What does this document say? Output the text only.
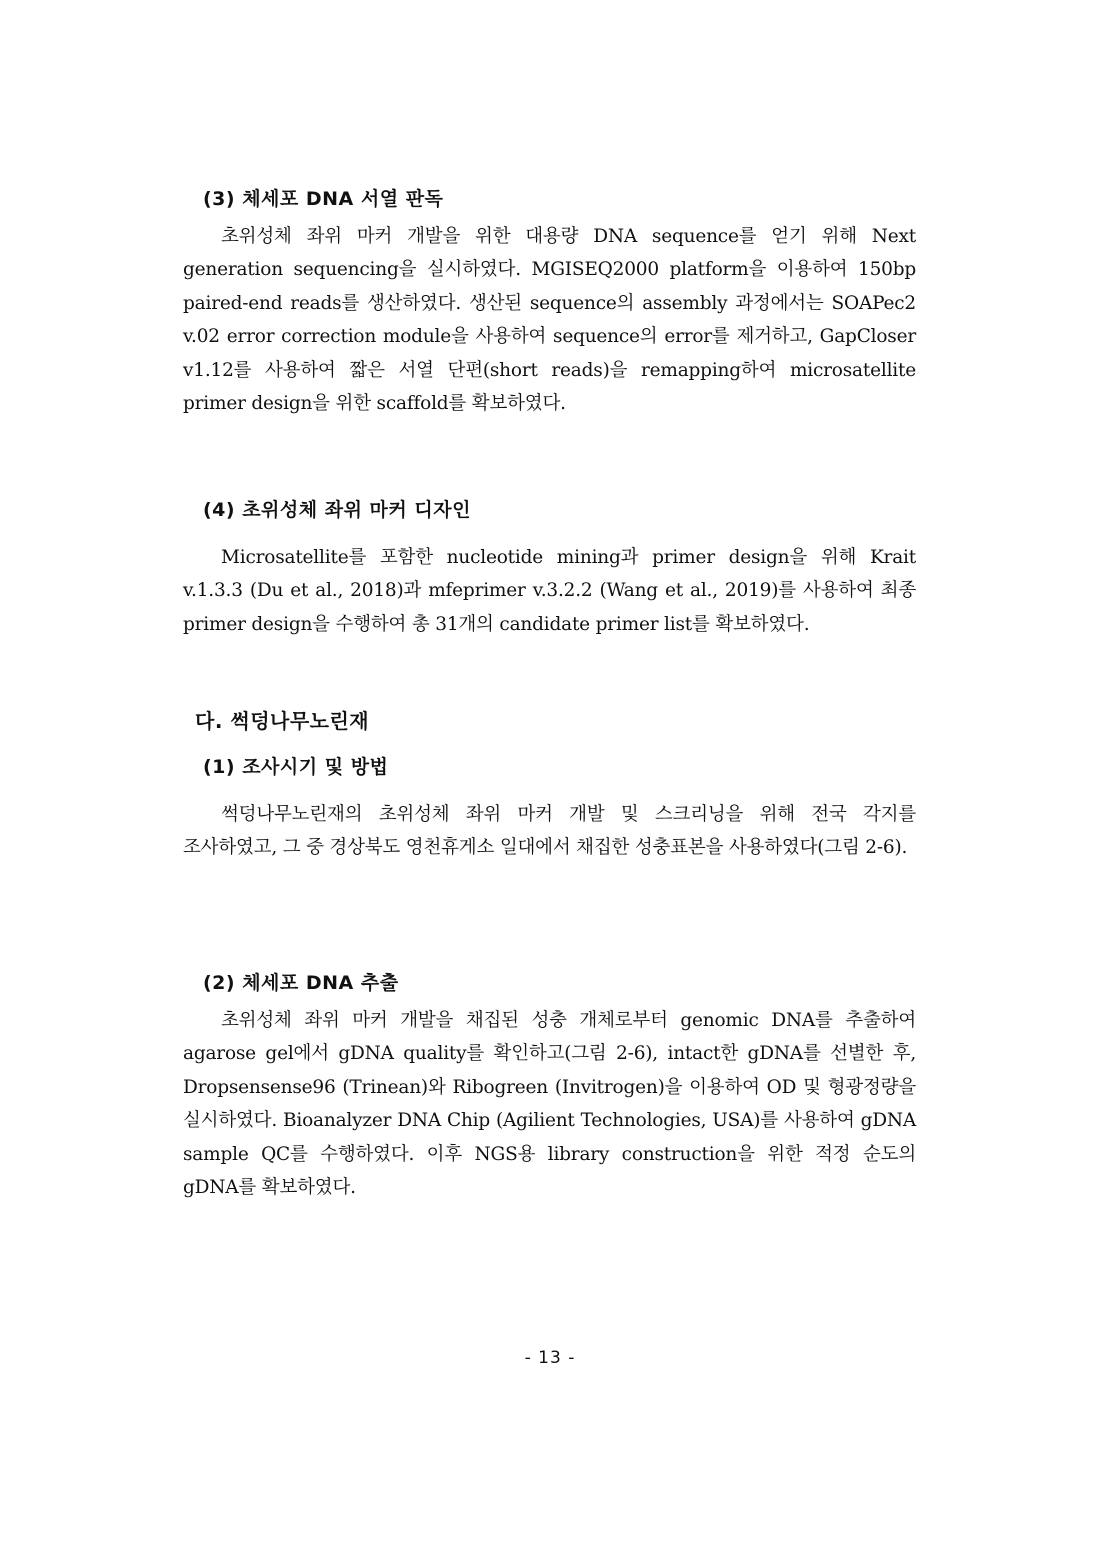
(3) 체세포 DNA 서열 판독

초위성체 좌위 마커 개발을 위한 대용량 DNA sequence를 얻기 위해 Next generation sequencing을 실시하였다. MGISEQ2000 platform을 이용하여 150bp paired-end reads를 생산하였다. 생산된 sequence의 assembly 과정에서는 SOAPec2 v.02 error correction module을 사용하여 sequence의 error를 제거하고, GapCloser v1.12를 사용하여 짧은 서열 단편(short reads)을 remapping하여 microsatellite primer design을 위한 scaffold를 확보하였다.

(4) 초위성체 좌위 마커 디자인

Microsatellite를 포함한 nucleotide mining과 primer design을 위해 Krait v.1.3.3 (Du et al., 2018)과 mfeprimer v.3.2.2 (Wang et al., 2019)를 사용하여 최종 primer design을 수행하여 총 31개의 candidate primer list를 확보하였다.

다. 썩덩나무노린재
(1) 조사시기 및 방법

썩덩나무노린재의 초위성체 좌위 마커 개발 및 스크리닝을 위해 전국 각지를 조사하였고, 그 중 경상북도 영천휴게소 일대에서 채집한 성충표본을 사용하였다(그림 2-6).

(2) 체세포 DNA 추출

초위성체 좌위 마커 개발을 채집된 성충 개체로부터 genomic DNA를 추출하여 agarose gel에서 gDNA quality를 확인하고(그림 2-6), intact한 gDNA를 선별한 후, Dropsensense96 (Trinean)와 Ribogreen (Invitrogen)을 이용하여 OD 및 형광정량을 실시하였다. Bioanalyzer DNA Chip (Agilient Technologies, USA)를 사용하여 gDNA sample QC를 수행하였다. 이후 NGS용 library construction을 위한 적정 순도의 gDNA를 확보하였다.

- 13 -
